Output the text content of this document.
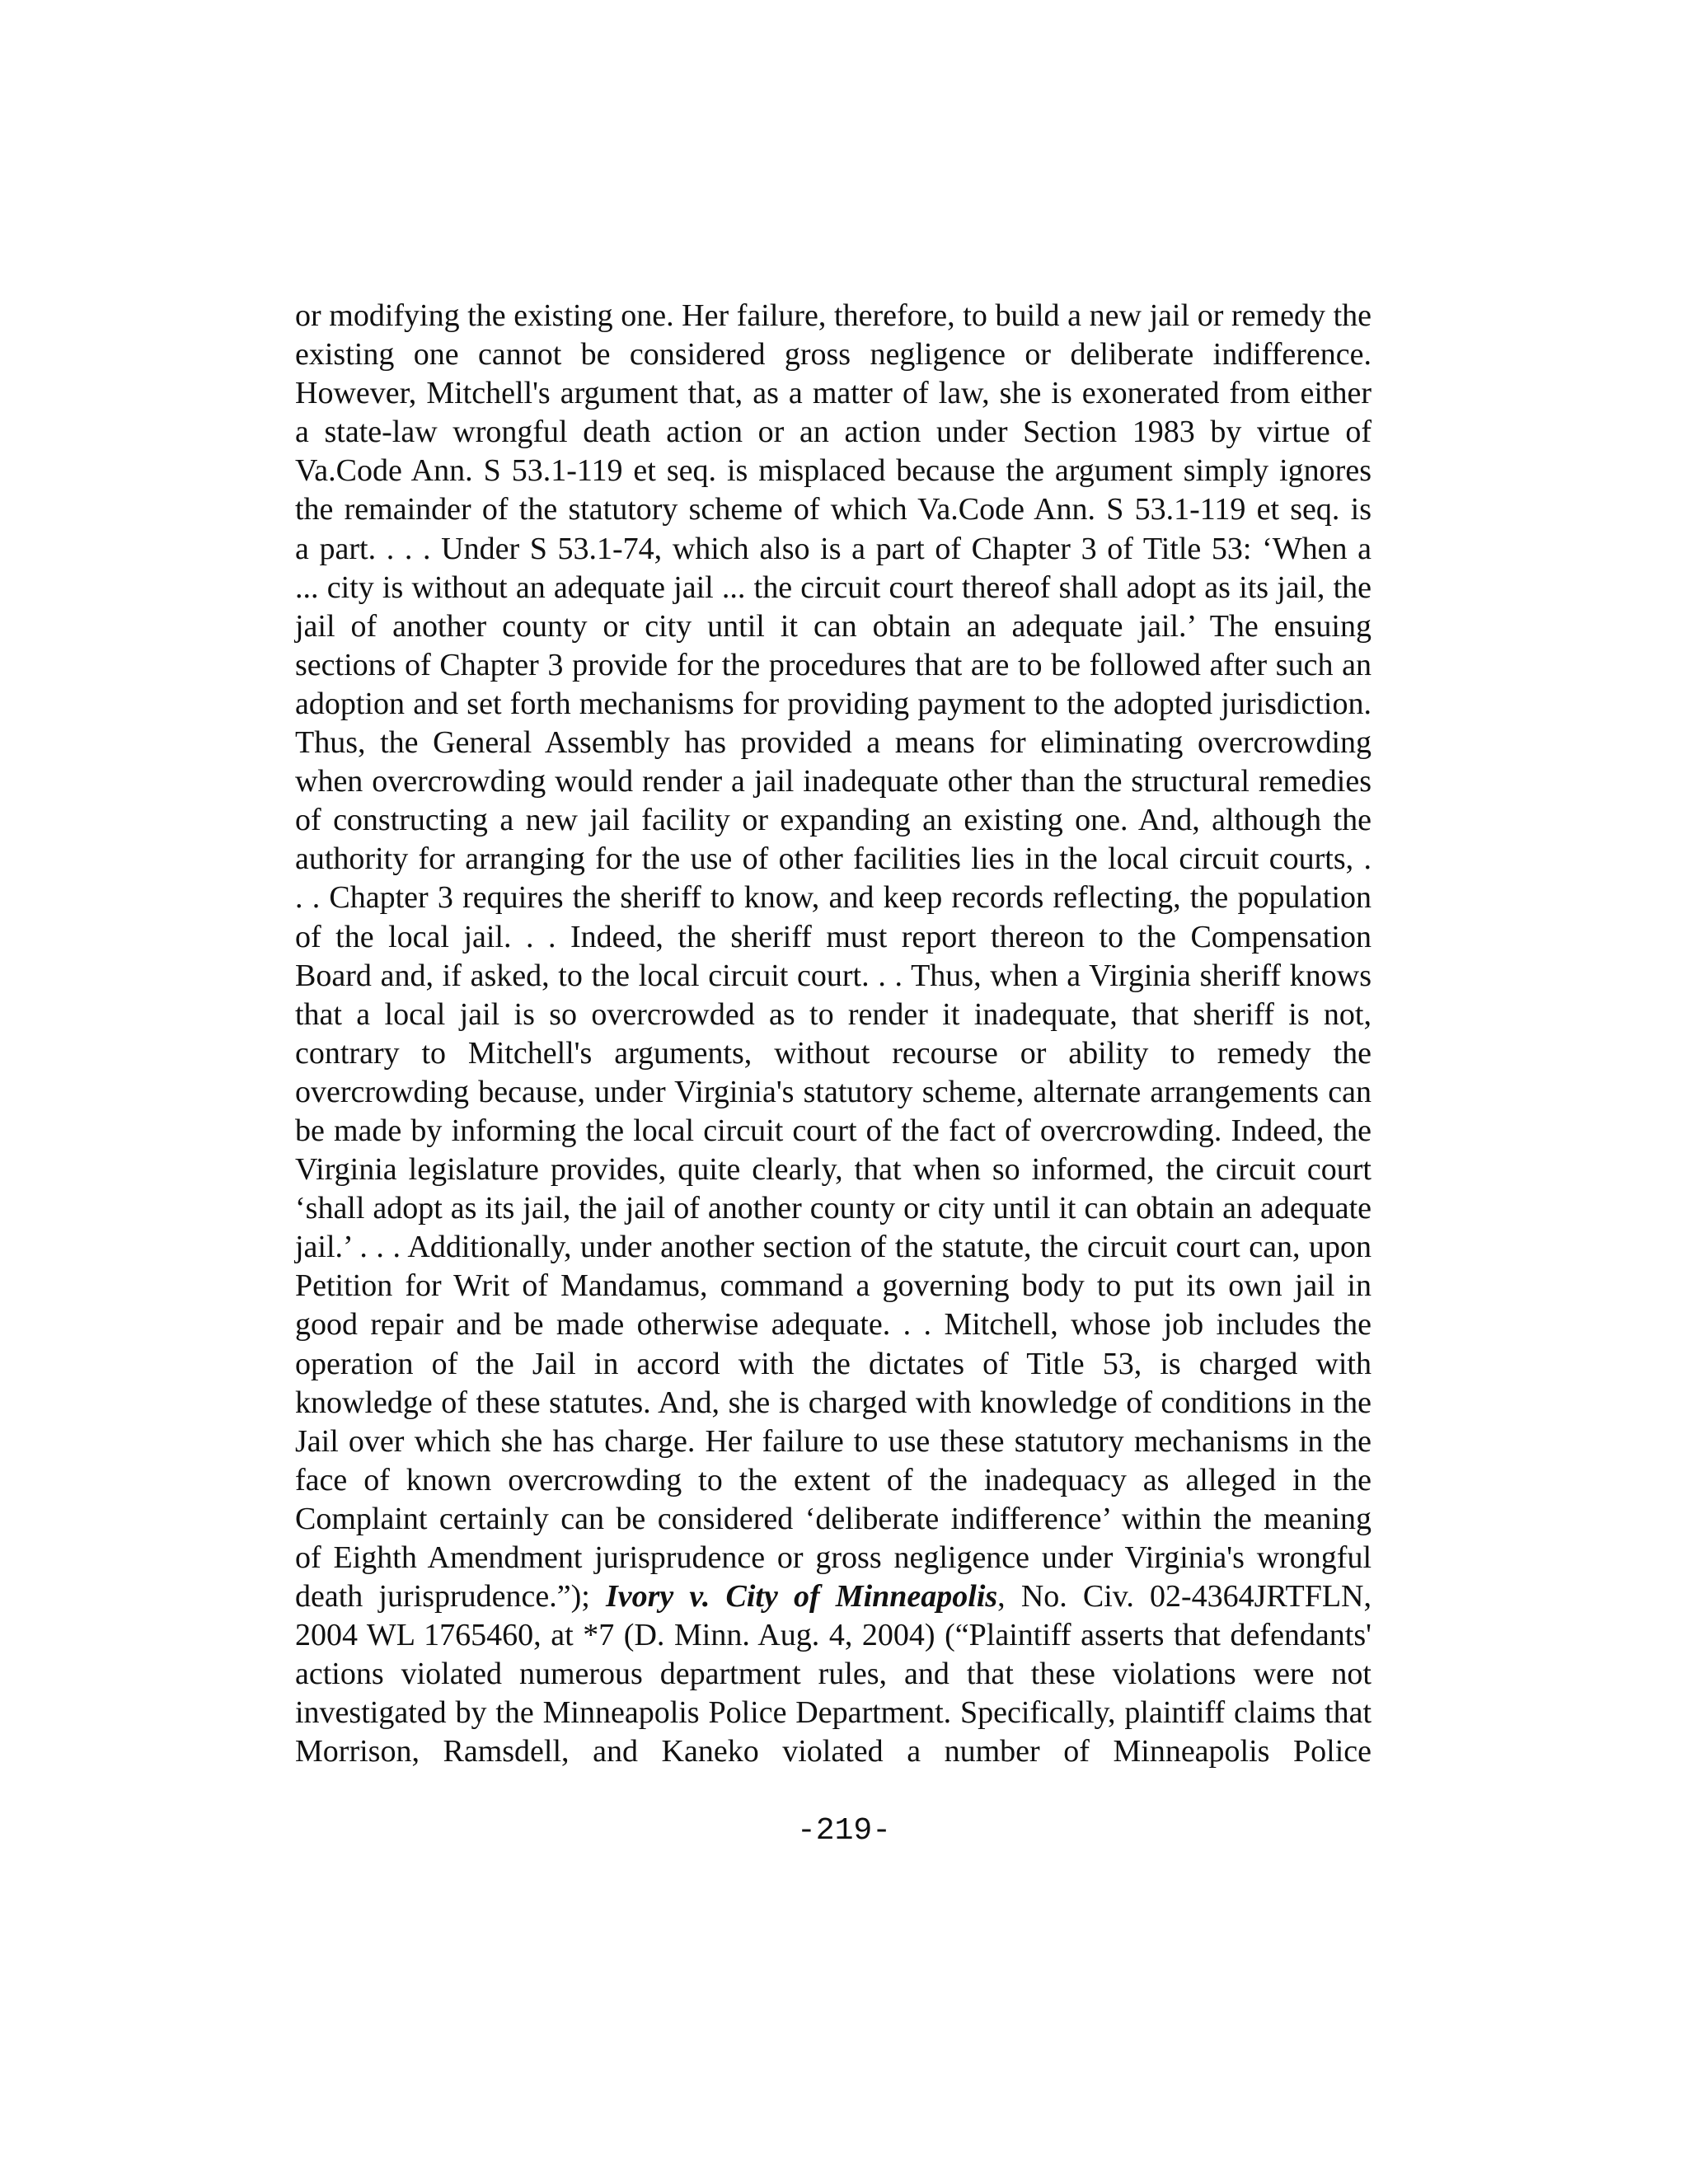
or modifying the existing one. Her failure, therefore, to build a new jail or remedy the
existing one cannot be considered gross negligence or deliberate indifference.
However, Mitchell's argument that, as a matter of law, she is exonerated from either
a state-law wrongful death action or an action under Section 1983 by virtue of
Va.Code Ann. S 53.1-119 et seq. is misplaced because the argument simply ignores
the remainder of the statutory scheme of which Va.Code Ann. S 53.1-119 et seq. is
a part. . . . Under S 53.1-74, which also is a part of Chapter 3 of Title 53: ‘When a
... city is without an adequate jail ... the circuit court thereof shall adopt as its jail, the
jail of another county or city until it can obtain an adequate jail.’ The ensuing
sections of Chapter 3 provide for the procedures that are to be followed after such an
adoption and set forth mechanisms for providing payment to the adopted jurisdiction.
Thus, the General Assembly has provided a means for eliminating overcrowding
when overcrowding would render a jail inadequate other than the structural remedies
of constructing a new jail facility or expanding an existing one. And, although the
authority for arranging for the use of other facilities lies in the local circuit courts, .
. . Chapter 3 requires the sheriff to know, and keep records reflecting, the population
of the local jail. . . Indeed, the sheriff must report thereon to the Compensation
Board and, if asked, to the local circuit court. . . Thus, when a Virginia sheriff knows
that a local jail is so overcrowded as to render it inadequate, that sheriff is not,
contrary to Mitchell's arguments, without recourse or ability to remedy the
overcrowding because, under Virginia's statutory scheme, alternate arrangements can
be made by informing the local circuit court of the fact of overcrowding. Indeed, the
Virginia legislature provides, quite clearly, that when so informed, the circuit court
‘shall adopt as its jail, the jail of another county or city until it can obtain an adequate
jail.’ . . . Additionally, under another section of the statute, the circuit court can, upon
Petition for Writ of Mandamus, command a governing body to put its own jail in
good repair and be made otherwise adequate. . . Mitchell, whose job includes the
operation of the Jail in accord with the dictates of Title 53, is charged with
knowledge of these statutes. And, she is charged with knowledge of conditions in the
Jail over which she has charge. Her failure to use these statutory mechanisms in the
face of known overcrowding to the extent of the inadequacy as alleged in the
Complaint certainly can be considered ‘deliberate indifference’ within the meaning
of Eighth Amendment jurisprudence or gross negligence under Virginia's wrongful
death jurisprudence.”); Ivory v. City of Minneapolis, No. Civ. 02-4364JRTFLN,
2004 WL 1765460, at *7 (D. Minn. Aug. 4, 2004) (“Plaintiff asserts that defendants'
actions violated numerous department rules, and that these violations were not
investigated by the Minneapolis Police Department. Specifically, plaintiff claims that
Morrison, Ramsdell, and Kaneko violated a number of Minneapolis Police
-219-
